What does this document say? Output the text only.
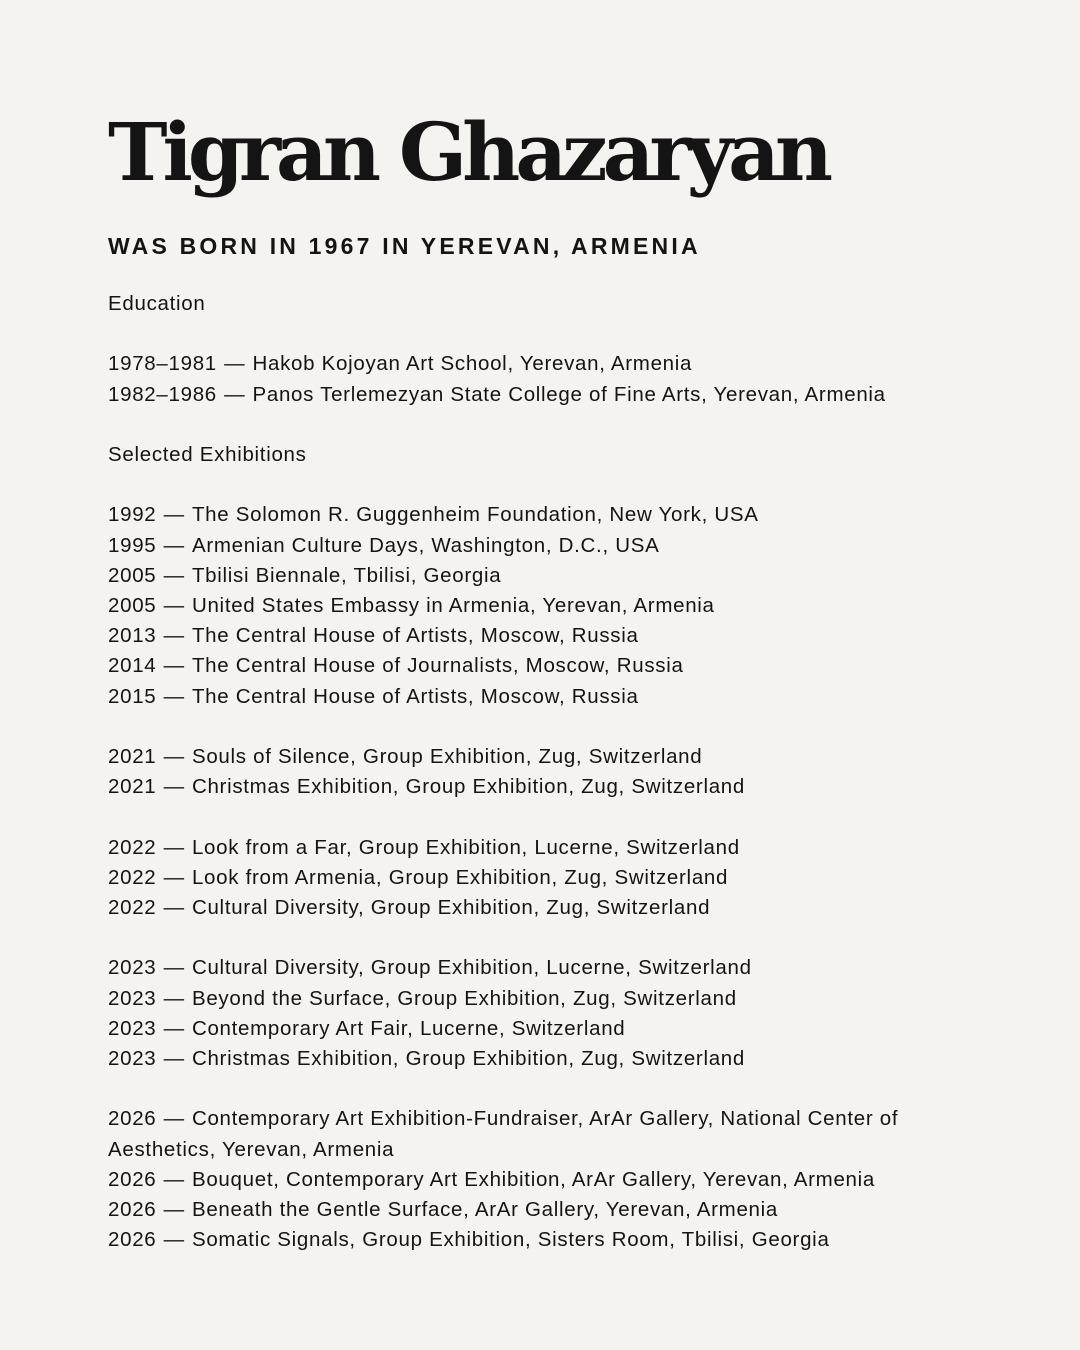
Tigran Ghazaryan
WAS BORN IN 1967 IN YEREVAN, ARMENIA
Education
1978–1981 — Hakob Kojoyan Art School, Yerevan, Armenia
1982–1986 — Panos Terlemezyan State College of Fine Arts, Yerevan, Armenia
Selected Exhibitions
1992 — The Solomon R. Guggenheim Foundation, New York, USA
1995 — Armenian Culture Days, Washington, D.C., USA
2005 — Tbilisi Biennale, Tbilisi, Georgia
2005 — United States Embassy in Armenia, Yerevan, Armenia
2013 — The Central House of Artists, Moscow, Russia
2014 — The Central House of Journalists, Moscow, Russia
2015 — The Central House of Artists, Moscow, Russia
2021 — Souls of Silence, Group Exhibition, Zug, Switzerland
2021 — Christmas Exhibition, Group Exhibition, Zug, Switzerland
2022 — Look from a Far, Group Exhibition, Lucerne, Switzerland
2022 — Look from Armenia, Group Exhibition, Zug, Switzerland
2022 — Cultural Diversity, Group Exhibition, Zug, Switzerland
2023 — Cultural Diversity, Group Exhibition, Lucerne, Switzerland
2023 — Beyond the Surface, Group Exhibition, Zug, Switzerland
2023 — Contemporary Art Fair, Lucerne, Switzerland
2023 — Christmas Exhibition, Group Exhibition, Zug, Switzerland
2026 — Contemporary Art Exhibition-Fundraiser, ArAr Gallery, National Center of Aesthetics, Yerevan, Armenia
2026 — Bouquet, Contemporary Art Exhibition, ArAr Gallery, Yerevan, Armenia
2026 — Beneath the Gentle Surface, ArAr Gallery, Yerevan, Armenia
2026 — Somatic Signals, Group Exhibition, Sisters Room, Tbilisi, Georgia
